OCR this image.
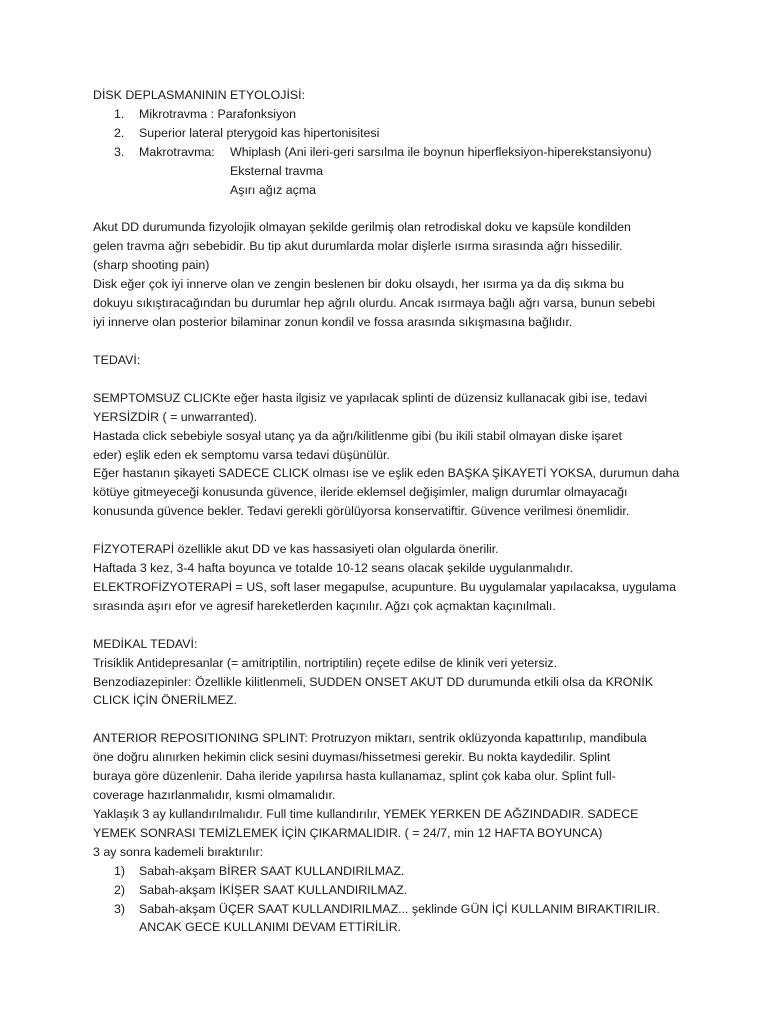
DİSK DEPLASMANININ ETYOLOJİSİ:

1. Mikrotravma : Parafonksiyon
2. Superior lateral pterygoid kas hipertonisitesi
3. Makrotravma: Whiplash (Ani ileri-geri sarsılma ile boynun hiperfleksiyon-hiperekstansiyonu)
Eksternal travma
Aşırı ağız açma

Akut DD durumunda fizyolojik olmayan şekilde gerilmiş olan retrodiskal doku ve kapsüle kondilden

gelen travma ağrı sebebidir. Bu tip akut durumlarda molar dişlerle ısırma sırasında ağrı hissedilir.

(sharp shooting pain)

Disk eğer çok iyi innerve olan ve zengin beslenen bir doku olsaydı, her ısırma ya da diş sıkma bu

dokuyu sıkıştıracağından bu durumlar hep ağrılı olurdu. Ancak ısırmaya bağlı ağrı varsa, bunun sebebi

iyi innerve olan posterior bilaminar zonun kondil ve fossa arasında sıkışmasına bağlıdır.

TEDAVİ:

SEMPTOMSUZ CLICKte eğer hasta ilgisiz ve yapılacak splinti de düzensiz kullanacak gibi ise, tedavi

YERSİZDİR ( = unwarranted).

Hastada click sebebiyle sosyal utanç ya da ağrı/kilitlenme gibi (bu ikili stabil olmayan diske işaret

eder) eşlik eden ek semptomu varsa tedavi düşünülür.

Eğer hastanın şikayeti SADECE CLICK olması ise ve eşlik eden BAŞKA ŞİKAYETİ YOKSA, durumun daha

kötüye gitmeyeceği konusunda güvence, ileride eklemsel değişimler, malign durumlar olmayacağı

konusunda güvence bekler. Tedavi gerekli görülüyorsa konservatiftir. Güvence verilmesi önemlidir.

FİZYOTERAPİ özellikle akut DD ve kas hassasiyeti olan olgularda önerilir.

Haftada 3 kez, 3-4 hafta boyunca ve totalde 10-12 seans olacak şekilde uygulanmalıdır.

ELEKTROFİZYOTERAPİ = US, soft laser megapulse, acupunture. Bu uygulamalar yapılacaksa, uygulama

sırasında aşırı efor ve agresif hareketlerden kaçınılır. Ağzı çok açmaktan kaçınılmalı.

MEDİKAL TEDAVİ:

Trisiklik Antidepresanlar (= amitriptilin, nortriptilin) reçete edilse de klinik veri yetersiz.

Benzodiazepinler: Özellikle kilitlenmeli, SUDDEN ONSET AKUT DD durumunda etkili olsa da KRONİK

CLICK İÇİN ÖNERİLMEZ.

ANTERIOR REPOSITIONING SPLINT: Protruzyon miktarı, sentrik oklüzyonda kapattırılıp, mandibula

öne doğru alınırken hekimin click sesini duyması/hissetmesi gerekir. Bu nokta kaydedilir. Splint

buraya göre düzenlenir. Daha ileride yapılırsa hasta kullanamaz, splint çok kaba olur. Splint full-

coverage hazırlanmalıdır, kısmi olmamalıdır.

Yaklaşık 3 ay kullandırılmalıdır. Full time kullandırılır, YEMEK YERKEN DE AĞZINDADIR. SADECE

YEMEK SONRASI TEMİZLEMEK İÇİN ÇIKARMALIDIR. ( = 24/7, min 12 HAFTA BOYUNCA)

3 ay sonra kademeli bıraktırılır:

1) Sabah-akşam BİRER SAAT KULLANDIRILMAZ.
2) Sabah-akşam İKİŞER SAAT KULLANDIRILMAZ.
3) Sabah-akşam ÜÇER SAAT KULLANDIRILMAZ... şeklinde GÜN İÇİ KULLANIM BIRAKTIRILIR.
ANCAK GECE KULLANIMI DEVAM ETTİRİLİR.
